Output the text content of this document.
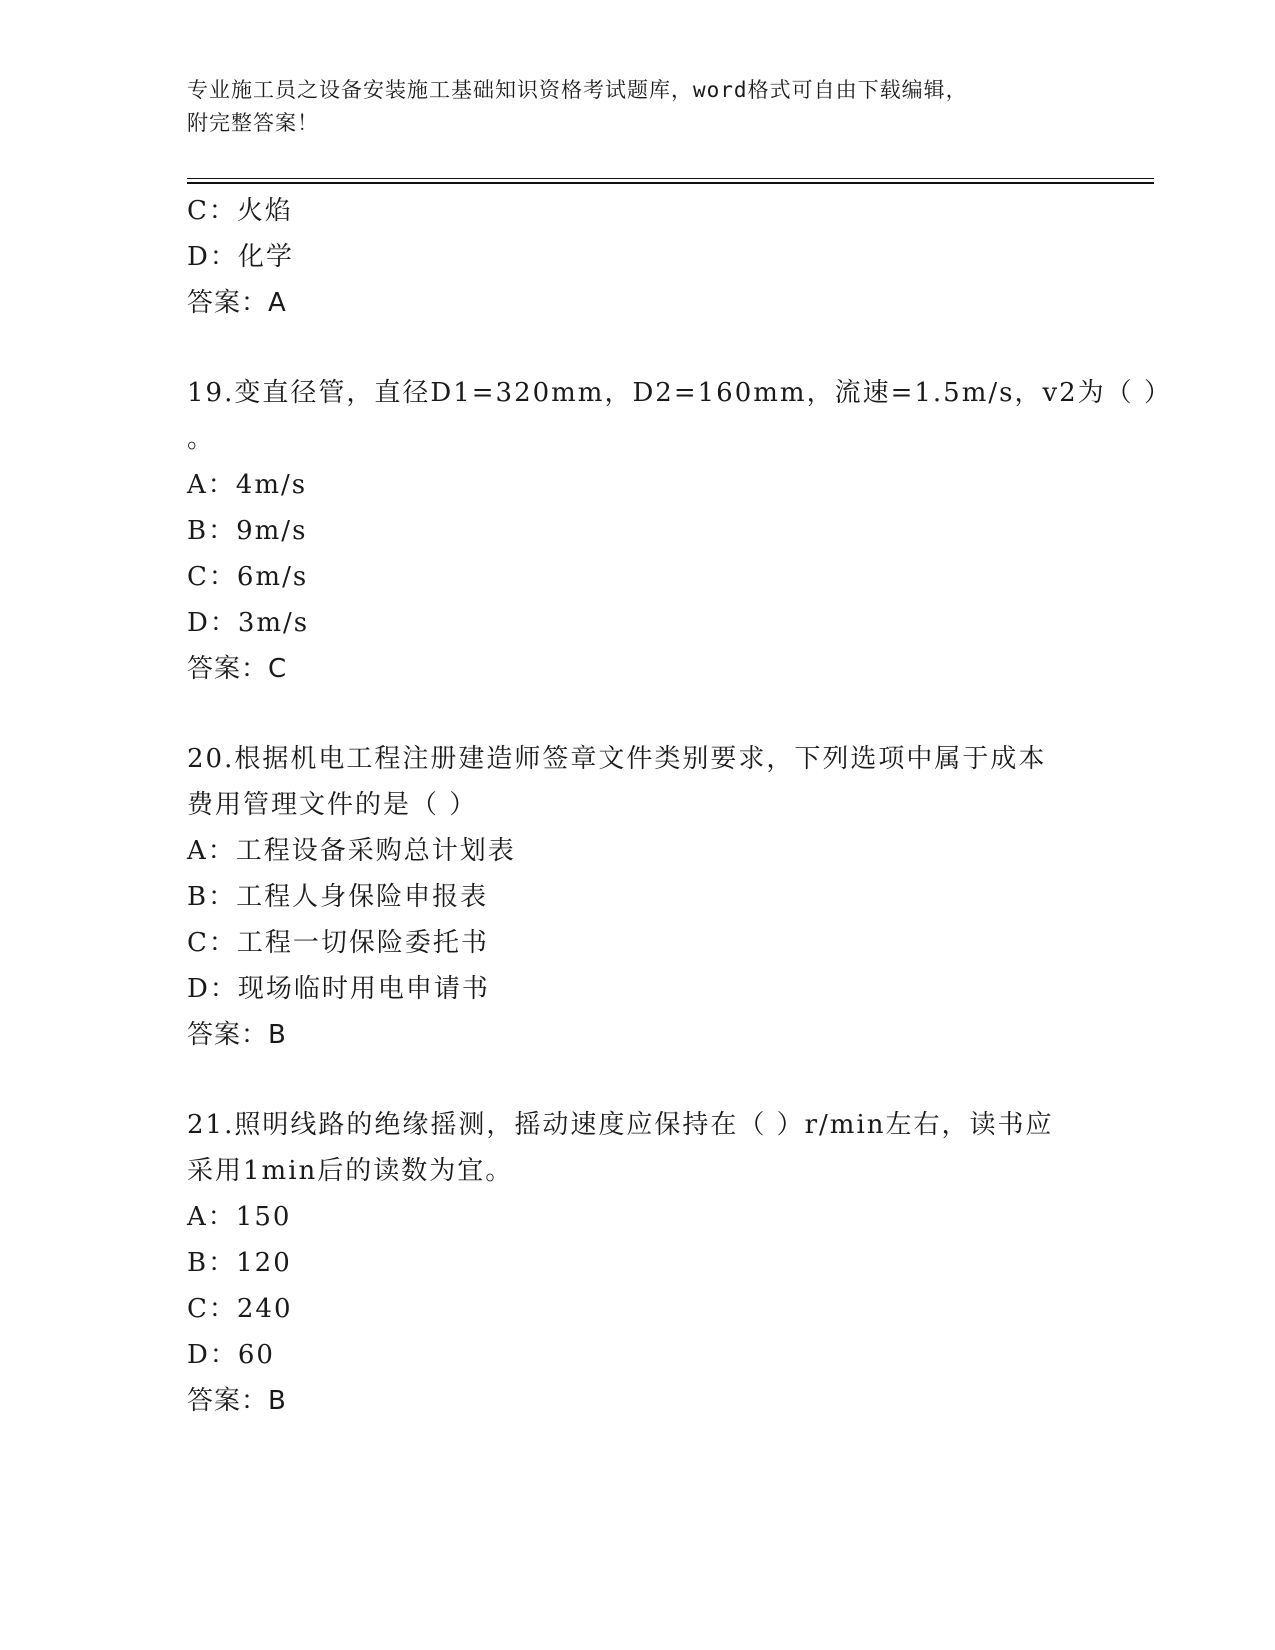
专业施工员之设备安装施工基础知识资格考试题库，word格式可自由下载编辑，
附完整答案！
C：火焰
D：化学
答案：A
19.变直径管，直径D1=320mm，D2=160mm，流速=1.5m/s，v2为（ ）
。
A：4m/s
B：9m/s
C：6m/s
D：3m/s
答案：C
20.根据机电工程注册建造师签章文件类别要求，下列选项中属于成本
费用管理文件的是（ ）
A：工程设备采购总计划表
B：工程人身保险申报表
C：工程一切保险委托书
D：现场临时用电申请书
答案：B
21.照明线路的绝缘摇测，摇动速度应保持在（ ）r/min左右，读书应
采用1min后的读数为宜。
A：150
B：120
C：240
D：60
答案：B
